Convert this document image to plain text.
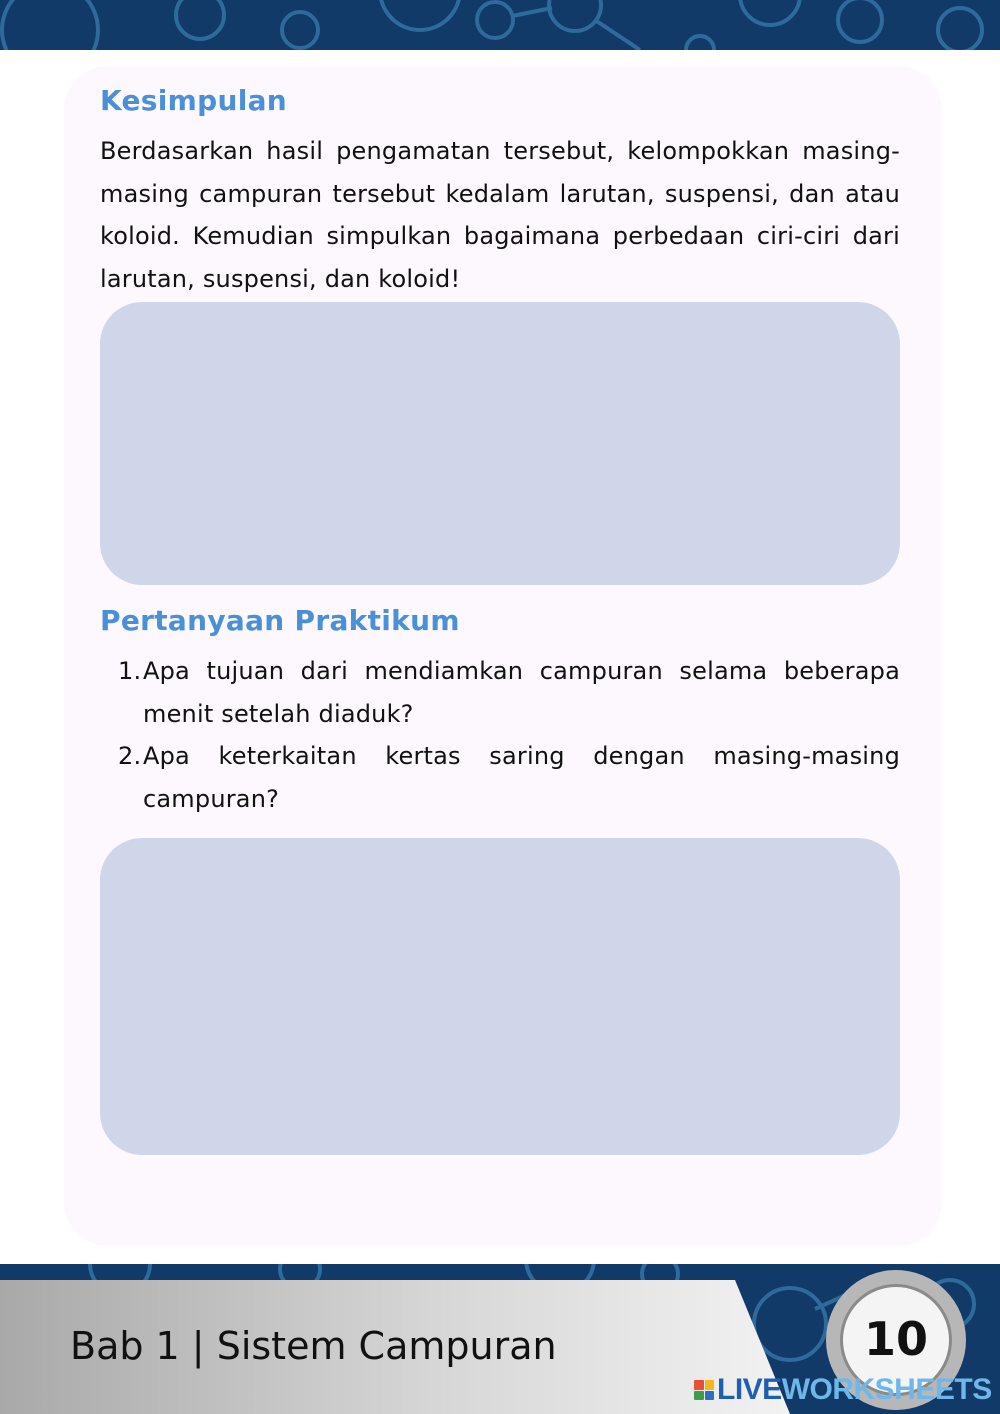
Kesimpulan

Berdasarkan hasil pengamatan tersebut, kelompokkan masing-masing campuran tersebut kedalam larutan, suspensi, dan atau koloid. Kemudian simpulkan bagaimana perbedaan ciri-ciri dari larutan, suspensi, dan koloid!

Pertanyaan Praktikum
1. Apa tujuan dari mendiamkan campuran selama beberapa menit setelah diaduk?
2. Apa keterkaitan kertas saring dengan masing-masing campuran?

Bab 1 | Sistem Campuran	10
LIVE WORKSHEETS
